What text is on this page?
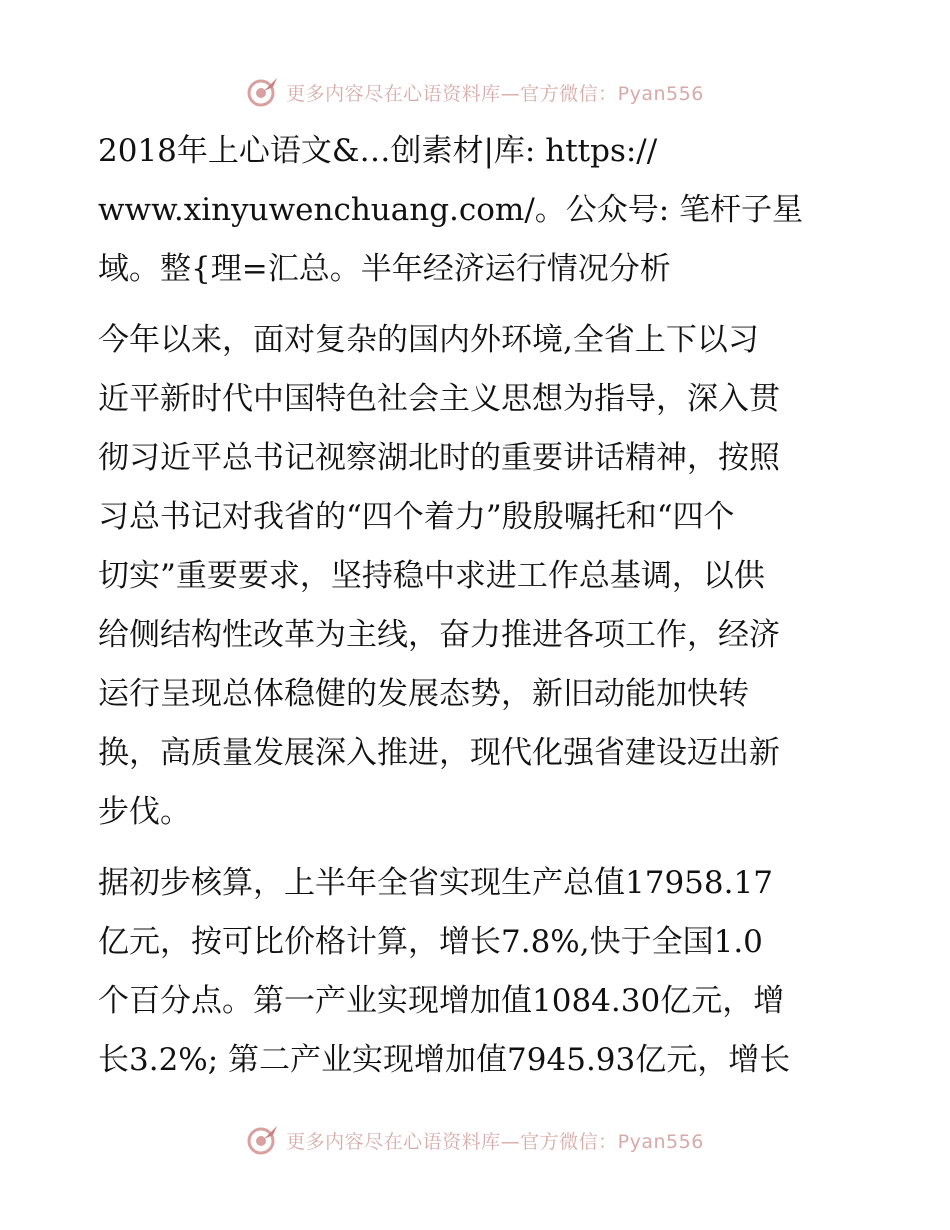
更多内容尽在心语资料库—官方微信：Pyan556
2018年上心语文&…创素材|库: https://
www.xinyuwenchuang.com/。公众号: 笔杆子星
域。整{理=汇总。半年经济运行情况分析
今年以来，面对复杂的国内外环境,全省上下以习
近平新时代中国特色社会主义思想为指导，深入贯
彻习近平总书记视察湖北时的重要讲话精神，按照
习总书记对我省的“四个着力”殷殷嘱托和“四个
切实”重要要求，坚持稳中求进工作总基调，以供
给侧结构性改革为主线，奋力推进各项工作，经济
运行呈现总体稳健的发展态势，新旧动能加快转
换，高质量发展深入推进，现代化强省建设迈出新
步伐。
据初步核算，上半年全省实现生产总值17958.17
亿元，按可比价格计算，增长7.8%,快于全国1.0
个百分点。第一产业实现增加值1084.30亿元，增
长3.2%; 第二产业实现增加值7945.93亿元，增长
更多内容尽在心语资料库—官方微信：Pyan556
